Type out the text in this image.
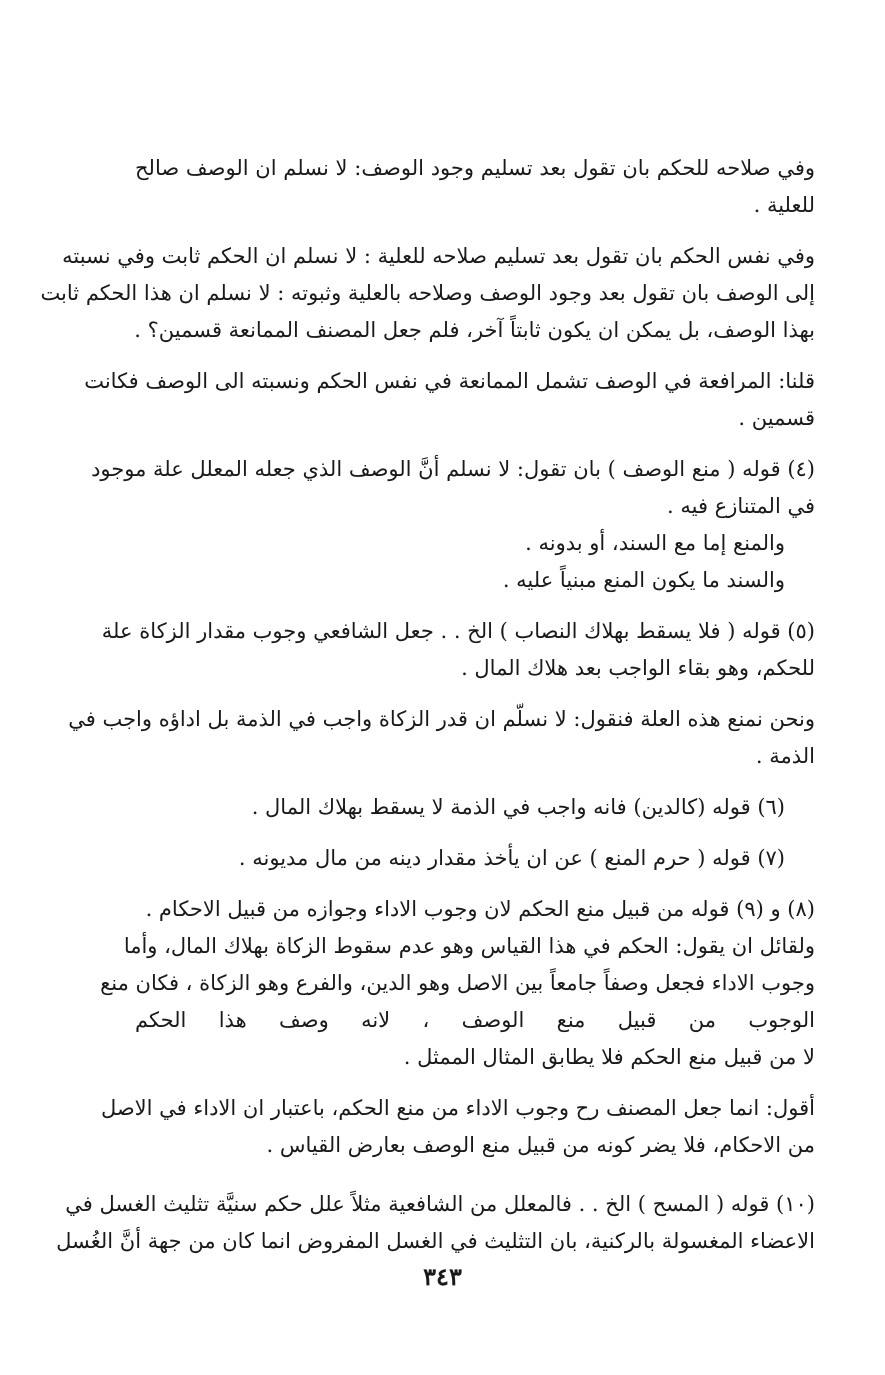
وفي صلاحه للحكم بان تقول بعد تسليم وجود الوصف: لا نسلم ان الوصف صالح
للعلية .
وفي نفس الحكم بان تقول بعد تسليم صلاحه للعلية : لا نسلم ان الحكم ثابت وفي نسبته
إلى الوصف بان تقول بعد وجود الوصف وصلاحه بالعلية وثبوته : لا نسلم ان هذا الحكم ثابت
بهذا الوصف، بل يمكن ان يكون ثابتاً آخر، فلم جعل المصنف الممانعة قسمين؟ .
قلنا: المرافعة في الوصف تشمل الممانعة في نفس الحكم ونسبته الى الوصف فكانت
قسمين .
(٤) قوله ( منع الوصف ) بان تقول: لا نسلم أنَّ الوصف الذي جعله المعلل علة موجود
في المتنازع فيه .
والمنع إما مع السند، أو بدونه .
والسند ما يكون المنع مبنياً عليه .
(٥) قوله ( فلا يسقط بهلاك النصاب ) الخ . . جعل الشافعي وجوب مقدار الزكاة علة
للحكم، وهو بقاء الواجب بعد هلاك المال .
ونحن نمنع هذه العلة فنقول: لا نسلّم ان قدر الزكاة واجب في الذمة بل اداؤه واجب في
الذمة .
(٦) قوله (كالدين) فانه واجب في الذمة لا يسقط بهلاك المال .
(٧) قوله ( حرم المنع ) عن ان يأخذ مقدار دينه من مال مديونه .
(٨) و (٩) قوله من قبيل منع الحكم لان وجوب الاداء وجوازه من قبيل الاحكام .
ولقائل ان يقول: الحكم في هذا القياس وهو عدم سقوط الزكاة بهلاك المال، وأما
وجوب الاداء فجعل وصفاً جامعاً بين الاصل وهو الدين، والفرع وهو الزكاة ، فكان منع
الوجوب من قبيل منع الوصف ، لانه وصف هذا الحكم
لا من قبيل منع الحكم فلا يطابق المثال الممثل .
أقول: انما جعل المصنف رح وجوب الاداء من منع الحكم، باعتبار ان الاداء في الاصل
من الاحكام، فلا يضر كونه من قبيل منع الوصف بعارض القياس .
(١٠) قوله ( المسح ) الخ . . فالمعلل من الشافعية مثلاً علل حكم سنيَّة تثليث الغسل في
الاعضاء المغسولة بالركنية، بان التثليث في الغسل المفروض انما كان من جهة أنَّ الغُسل
٣٤٣
